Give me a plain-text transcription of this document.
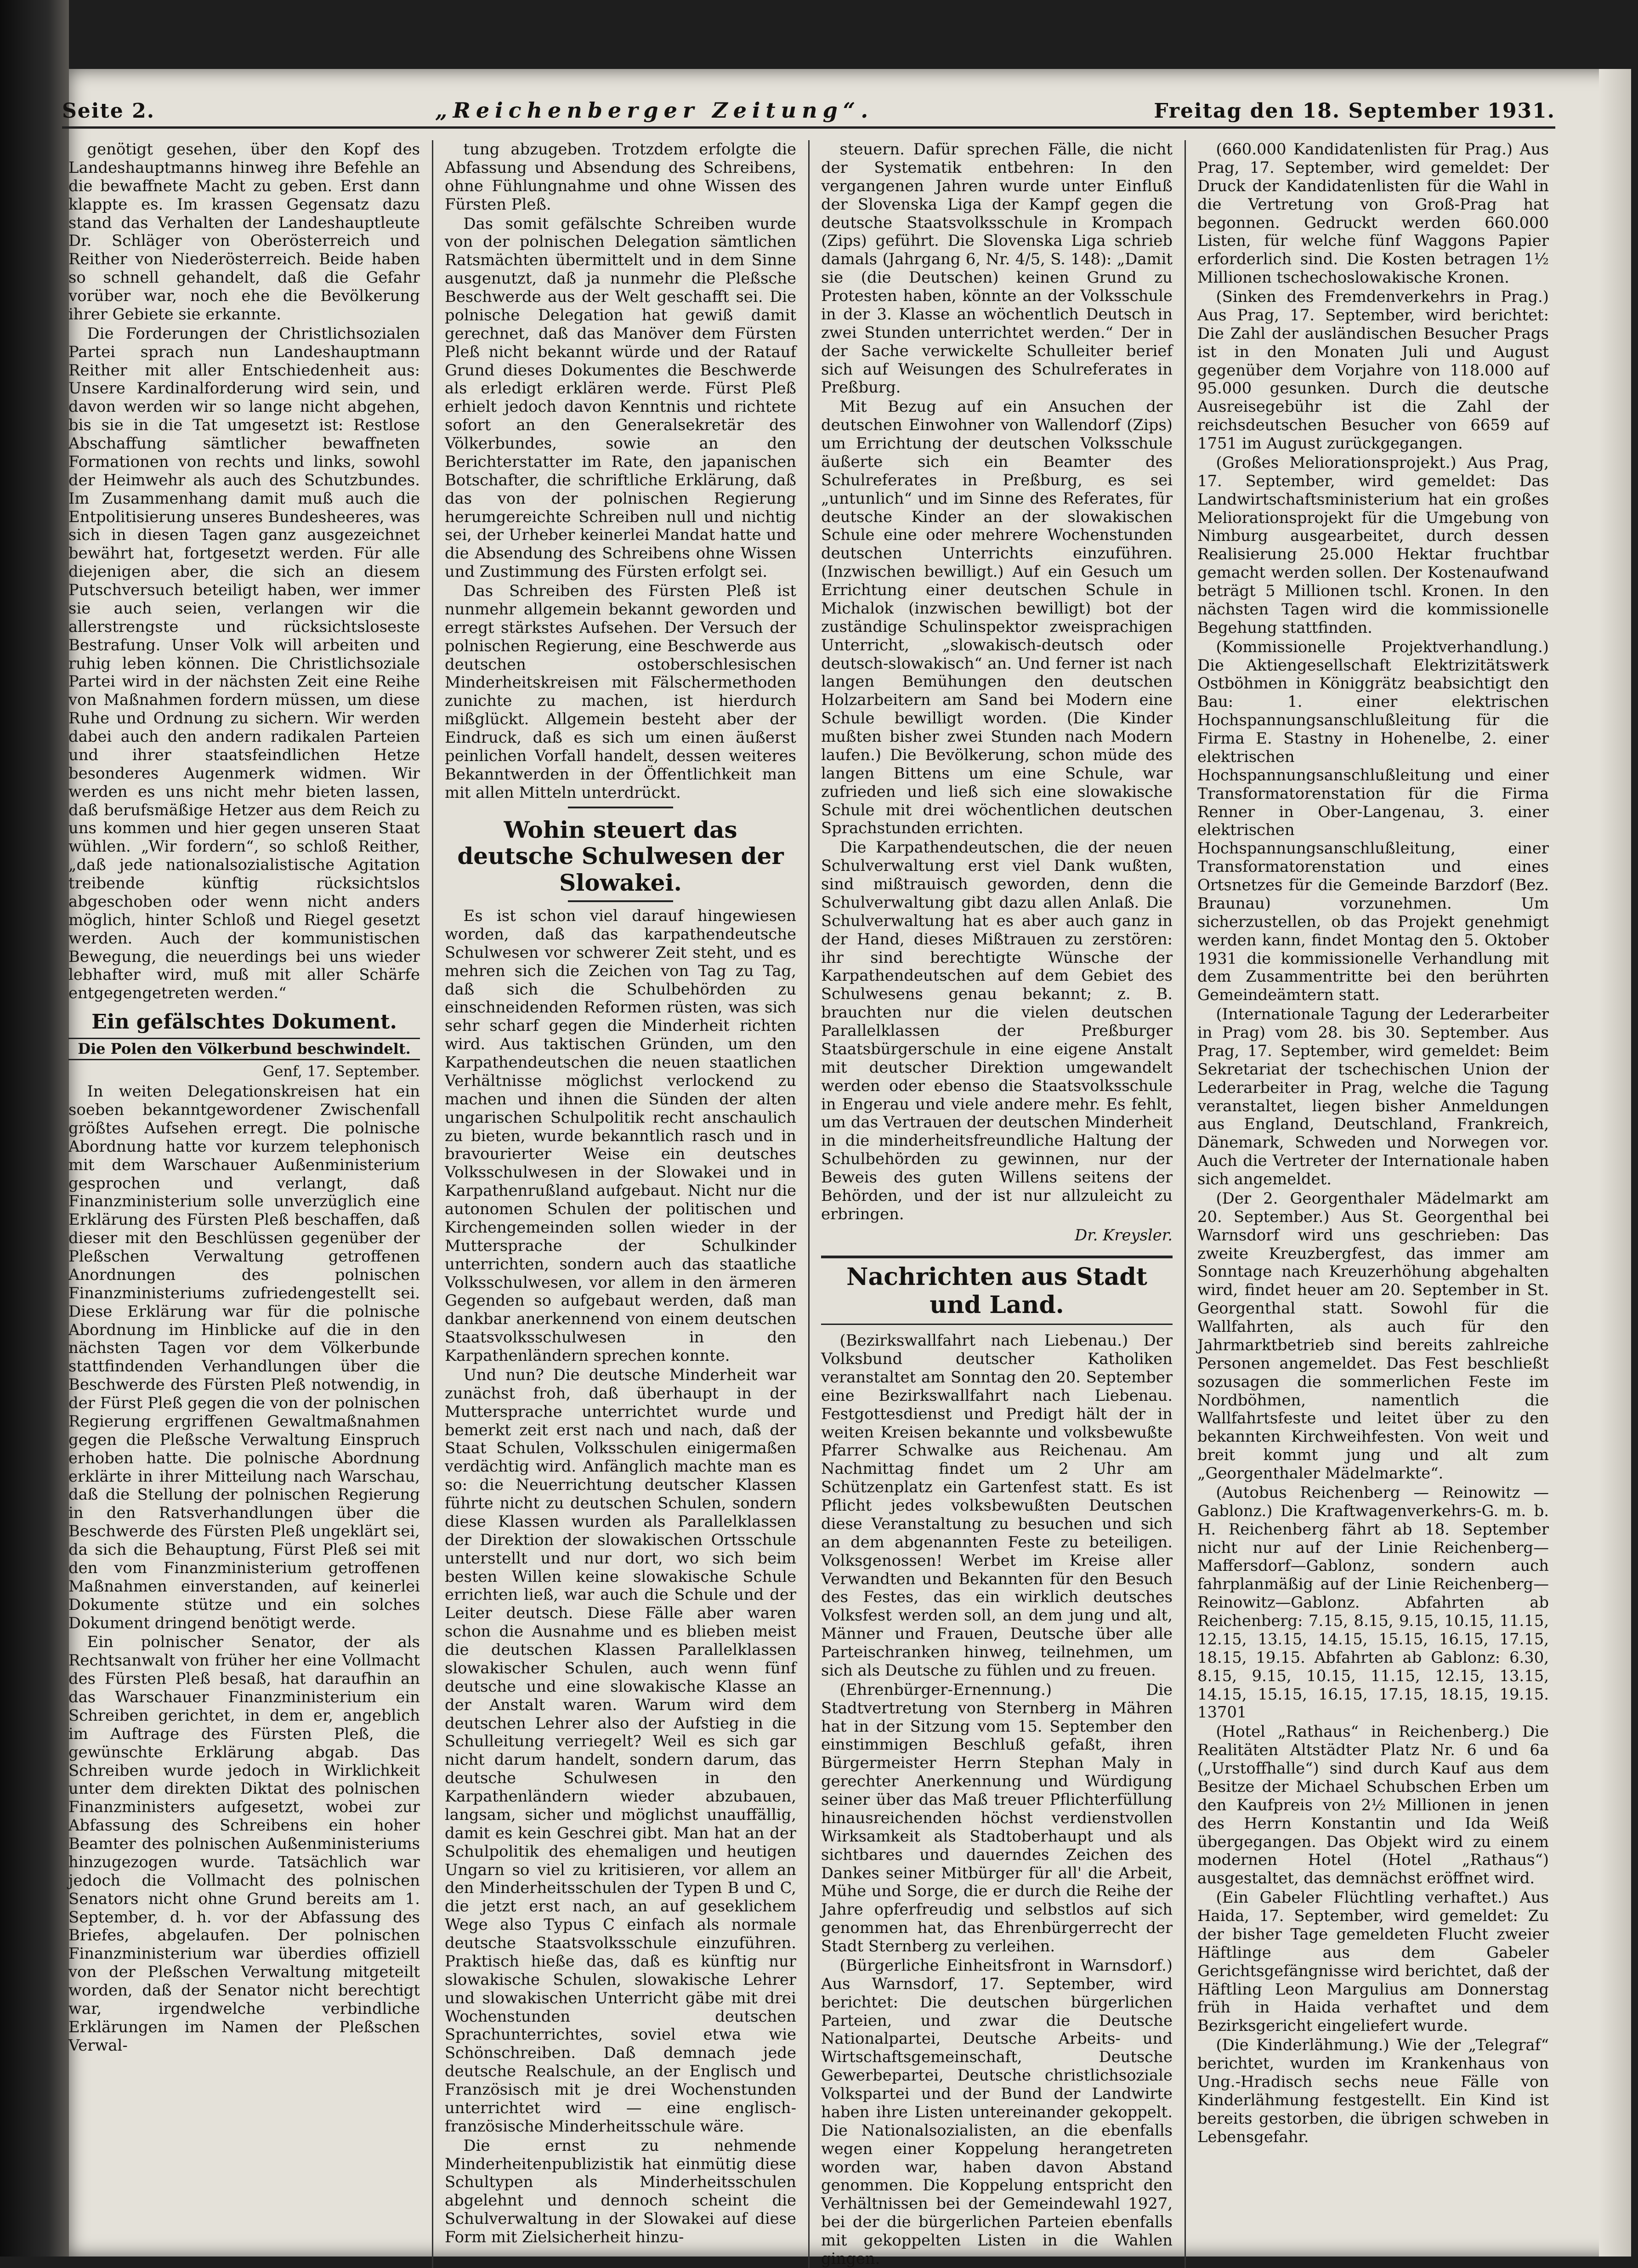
Seite 2.	„Reichenberger Zeitung“.	Freitag den 18. September 1931.

genötigt gesehen, über den Kopf des Landeshauptmanns hinweg ihre Befehle an die bewaffnete Macht zu geben. Erst dann klappte es. Im krassen Gegensatz dazu stand das Verhalten der Landeshauptleute Dr. Schläger von Oberösterreich und Reither von Niederösterreich. Beide haben so schnell gehandelt, daß die Gefahr vorüber war, noch ehe die Bevölkerung ihrer Gebiete sie erkannte.

Die Forderungen der Christlichsozialen Partei sprach nun Landeshauptmann Reither mit aller Entschiedenheit aus: Unsere Kardinalforderung wird sein, und davon werden wir so lange nicht abgehen, bis sie in die Tat umgesetzt ist: Restlose Abschaffung sämtlicher bewaffneten Formationen von rechts und links, sowohl der Heimwehr als auch des Schutzbundes. Im Zusammenhang damit muß auch die Entpolitisierung unseres Bundesheeres, was sich in diesen Tagen ganz ausgezeichnet bewährt hat, fortgesetzt werden. Für alle diejenigen aber, die sich an diesem Putschversuch beteiligt haben, wer immer sie auch seien, verlangen wir die allerstrengste und rücksichtsloseste Bestrafung. Unser Volk will arbeiten und ruhig leben können. Die Christlichsoziale Partei wird in der nächsten Zeit eine Reihe von Maßnahmen fordern müssen, um diese Ruhe und Ordnung zu sichern. Wir werden dabei auch den andern radikalen Parteien und ihrer staatsfeindlichen Hetze besonderes Augenmerk widmen. Wir werden es uns nicht mehr bieten lassen, daß berufsmäßige Hetzer aus dem Reich zu uns kommen und hier gegen unseren Staat wühlen. „Wir fordern“, so schloß Reither, „daß jede nationalsozialistische Agitation treibende künftig rücksichtslos abgeschoben oder wenn nicht anders möglich, hinter Schloß und Riegel gesetzt werden. Auch der kommunistischen Bewegung, die neuerdings bei uns wieder lebhafter wird, muß mit aller Schärfe entgegengetreten werden.“

Ein gefälschtes Dokument.
Die Polen den Völkerbund beschwindelt.
Genf, 17. September.

In weiten Delegationskreisen hat ein soeben bekanntgewordener Zwischenfall größtes Aufsehen erregt. Die polnische Abordnung hatte vor kurzem telephonisch mit dem Warschauer Außenministerium gesprochen und verlangt, daß Finanzministerium solle unverzüglich eine Erklärung des Fürsten Pleß beschaffen, daß dieser mit den Beschlüssen gegenüber der Pleßschen Verwaltung getroffenen Anordnungen des polnischen Finanzministeriums zufriedengestellt sei. Diese Erklärung war für die polnische Abordnung im Hinblicke auf die in den nächsten Tagen vor dem Völkerbunde stattfindenden Verhandlungen über die Beschwerde des Fürsten Pleß notwendig, in der Fürst Pleß gegen die von der polnischen Regierung ergriffenen Gewaltmaßnahmen gegen die Pleßsche Verwaltung Einspruch erhoben hatte. Die polnische Abordnung erklärte in ihrer Mitteilung nach Warschau, daß die Stellung der polnischen Regierung in den Ratsverhandlungen über die Beschwerde des Fürsten Pleß ungeklärt sei, da sich die Behauptung, Fürst Pleß sei mit den vom Finanzministerium getroffenen Maßnahmen einverstanden, auf keinerlei Dokumente stütze und ein solches Dokument dringend benötigt werde.

Ein polnischer Senator, der als Rechtsanwalt von früher her eine Vollmacht des Fürsten Pleß besaß, hat daraufhin an das Warschauer Finanzministerium ein Schreiben gerichtet, in dem er, angeblich im Auftrage des Fürsten Pleß, die gewünschte Erklärung abgab. Das Schreiben wurde jedoch in Wirklichkeit unter dem direkten Diktat des polnischen Finanzministers aufgesetzt, wobei zur Abfassung des Schreibens ein hoher Beamter des polnischen Außenministeriums hinzugezogen wurde. Tatsächlich war jedoch die Vollmacht des polnischen Senators nicht ohne Grund bereits am 1. September, d. h. vor der Abfassung des Briefes, abgelaufen. Der polnischen Finanzministerium war überdies offiziell von der Pleßschen Verwaltung mitgeteilt worden, daß der Senator nicht berechtigt war, irgendwelche verbindliche Erklärungen im Namen der Pleßschen Verwal-

tung abzugeben. Trotzdem erfolgte die Abfassung und Absendung des Schreibens, ohne Fühlungnahme und ohne Wissen des Fürsten Pleß.

Das somit gefälschte Schreiben wurde von der polnischen Delegation sämtlichen Ratsmächten übermittelt und in dem Sinne ausgenutzt, daß ja nunmehr die Pleßsche Beschwerde aus der Welt geschafft sei. Die polnische Delegation hat gewiß damit gerechnet, daß das Manöver dem Fürsten Pleß nicht bekannt würde und der Ratauf Grund dieses Dokumentes die Beschwerde als erledigt erklären werde. Fürst Pleß erhielt jedoch davon Kenntnis und richtete sofort an den Generalsekretär des Völkerbundes, sowie an den Berichterstatter im Rate, den japanischen Botschafter, die schriftliche Erklärung, daß das von der polnischen Regierung herumgereichte Schreiben null und nichtig sei, der Urheber keinerlei Mandat hatte und die Absendung des Schreibens ohne Wissen und Zustimmung des Fürsten erfolgt sei.

Das Schreiben des Fürsten Pleß ist nunmehr allgemein bekannt geworden und erregt stärkstes Aufsehen. Der Versuch der polnischen Regierung, eine Beschwerde aus deutschen ostoberschlesischen Minderheitskreisen mit Fälschermethoden zunichte zu machen, ist hierdurch mißglückt. Allgemein besteht aber der Eindruck, daß es sich um einen äußerst peinlichen Vorfall handelt, dessen weiteres Bekanntwerden in der Öffentlichkeit man mit allen Mitteln unterdrückt.

Wohin steuert das deutsche Schulwesen der Slowakei.

Es ist schon viel darauf hingewiesen worden, daß das karpathendeutsche Schulwesen vor schwerer Zeit steht, und es mehren sich die Zeichen von Tag zu Tag, daß sich die Schulbehörden zu einschneidenden Reformen rüsten, was sich sehr scharf gegen die Minderheit richten wird. Aus taktischen Gründen, um den Karpathendeutschen die neuen staatlichen Verhältnisse möglichst verlockend zu machen und ihnen die Sünden der alten ungarischen Schulpolitik recht anschaulich zu bieten, wurde bekanntlich rasch und in bravourierter Weise ein deutsches Volksschulwesen in der Slowakei und in Karpathenrußland aufgebaut. Nicht nur die autonomen Schulen der politischen und Kirchengemeinden sollen wieder in der Muttersprache der Schulkinder unterrichten, sondern auch das staatliche Volksschulwesen, vor allem in den ärmeren Gegenden so aufgebaut werden, daß man dankbar anerkennend von einem deutschen Staatsvolksschulwesen in den Karpathenländern sprechen konnte.

Und nun? Die deutsche Minderheit war zunächst froh, daß überhaupt in der Muttersprache unterrichtet wurde und bemerkt zeit erst nach und nach, daß der Staat Schulen, Volksschulen einigermaßen verdächtig wird. Anfänglich machte man es so: die Neuerrichtung deutscher Klassen führte nicht zu deutschen Schulen, sondern diese Klassen wurden als Parallelklassen der Direktion der slowakischen Ortsschule unterstellt und nur dort, wo sich beim besten Willen keine slowakische Schule errichten ließ, war auch die Schule und der Leiter deutsch. Diese Fälle aber waren schon die Ausnahme und es blieben meist die deutschen Klassen Parallelklassen slowakischer Schulen, auch wenn fünf deutsche und eine slowakische Klasse an der Anstalt waren. Warum wird dem deutschen Lehrer also der Aufstieg in die Schulleitung verriegelt? Weil es sich gar nicht darum handelt, sondern darum, das deutsche Schulwesen in den Karpathenländern wieder abzubauen, langsam, sicher und möglichst unauffällig, damit es kein Geschrei gibt. Man hat an der Schulpolitik des ehemaligen und heutigen Ungarn so viel zu kritisieren, vor allem an den Minderheitsschulen der Typen B und C, die jetzt erst nach, an auf geseklichem Wege also Typus C einfach als normale deutsche Staatsvolksschule einzuführen. Praktisch hieße das, daß es künftig nur slowakische Schulen, slowakische Lehrer und slowakischen Unterricht gäbe mit drei Wochenstunden deutschen Sprachunterrichtes, soviel etwa wie Schönschreiben. Daß demnach jede deutsche Realschule, an der Englisch und Französisch mit je drei Wochenstunden unterrichtet wird — eine englisch-französische Minderheitsschule wäre.

Die ernst zu nehmende Minderheitenpublizistik hat einmütig diese Schultypen als Minderheitsschulen abgelehnt und dennoch scheint die Schulverwaltung in der Slowakei auf diese Form mit Zielsicherheit hinzu-

steuern. Dafür sprechen Fälle, die nicht der Systematik entbehren: In den vergangenen Jahren wurde unter Einfluß der Slovenska Liga der Kampf gegen die deutsche Staatsvolksschule in Krompach (Zips) geführt. Die Slovenska Liga schrieb damals (Jahrgang 6, Nr. 4/5, S. 148): „Damit sie (die Deutschen) keinen Grund zu Protesten haben, könnte an der Volksschule in der 3. Klasse an wöchentlich Deutsch in zwei Stunden unterrichtet werden.“ Der in der Sache verwickelte Schulleiter berief sich auf Weisungen des Schulreferates in Preßburg.

Mit Bezug auf ein Ansuchen der deutschen Einwohner von Wallendorf (Zips) um Errichtung der deutschen Volksschule äußerte sich ein Beamter des Schulreferates in Preßburg, es sei „untunlich“ und im Sinne des Referates, für deutsche Kinder an der slowakischen Schule eine oder mehrere Wochenstunden deutschen Unterrichts einzuführen. (Inzwischen bewilligt.) Auf ein Gesuch um Errichtung einer deutschen Schule in Michalok (inzwischen bewilligt) bot der zuständige Schulinspektor zweisprachigen Unterricht, „slowakisch-deutsch oder deutsch-slowakisch“ an. Und ferner ist nach langen Bemühungen den deutschen Holzarbeitern am Sand bei Modern eine Schule bewilligt worden. (Die Kinder mußten bisher zwei Stunden nach Modern laufen.) Die Bevölkerung, schon müde des langen Bittens um eine Schule, war zufrieden und ließ sich eine slowakische Schule mit drei wöchentlichen deutschen Sprachstunden errichten.

Die Karpathendeutschen, die der neuen Schulverwaltung erst viel Dank wußten, sind mißtrauisch geworden, denn die Schulverwaltung gibt dazu allen Anlaß. Die Schulverwaltung hat es aber auch ganz in der Hand, dieses Mißtrauen zu zerstören: ihr sind berechtigte Wünsche der Karpathendeutschen auf dem Gebiet des Schulwesens genau bekannt; z. B. brauchten nur die vielen deutschen Parallelklassen der Preßburger Staatsbürgerschule in eine eigene Anstalt mit deutscher Direktion umgewandelt werden oder ebenso die Staatsvolksschule in Engerau und viele andere mehr. Es fehlt, um das Vertrauen der deutschen Minderheit in die minderheitsfreundliche Haltung der Schulbehörden zu gewinnen, nur der Beweis des guten Willens seitens der Behörden, und der ist nur allzuleicht zu erbringen.

Dr. Kreysler.
Nachrichten aus Stadt und Land.

(Bezirkswallfahrt nach Liebenau.) Der Volksbund deutscher Katholiken veranstaltet am Sonntag den 20. September eine Bezirkswallfahrt nach Liebenau. Festgottesdienst und Predigt hält der in weiten Kreisen bekannte und volksbewußte Pfarrer Schwalke aus Reichenau. Am Nachmittag findet um 2 Uhr am Schützenplatz ein Gartenfest statt. Es ist Pflicht jedes volksbewußten Deutschen diese Veranstaltung zu besuchen und sich an dem abgenannten Feste zu beteiligen. Volksgenossen! Werbet im Kreise aller Verwandten und Bekannten für den Besuch des Festes, das ein wirklich deutsches Volksfest werden soll, an dem jung und alt, Männer und Frauen, Deutsche über alle Parteischranken hinweg, teilnehmen, um sich als Deutsche zu fühlen und zu freuen.

(Ehrenbürger-Ernennung.) Die Stadtvertretung von Sternberg in Mähren hat in der Sitzung vom 15. September den einstimmigen Beschluß gefaßt, ihren Bürgermeister Herrn Stephan Maly in gerechter Anerkennung und Würdigung seiner über das Maß treuer Pflichterfüllung hinausreichenden höchst verdienstvollen Wirksamkeit als Stadtoberhaupt und als sichtbares und dauerndes Zeichen des Dankes seiner Mitbürger für all' die Arbeit, Mühe und Sorge, die er durch die Reihe der Jahre opferfreudig und selbstlos auf sich genommen hat, das Ehrenbürgerrecht der Stadt Sternberg zu verleihen.

(Bürgerliche Einheitsfront in Warnsdorf.) Aus Warnsdorf, 17. September, wird berichtet: Die deutschen bürgerlichen Parteien, und zwar die Deutsche Nationalpartei, Deutsche Arbeits- und Wirtschaftsgemeinschaft, Deutsche Gewerbepartei, Deutsche christlichsoziale Volkspartei und der Bund der Landwirte haben ihre Listen untereinander gekoppelt. Die Nationalsozialisten, an die ebenfalls wegen einer Koppelung herangetreten worden war, haben davon Abstand genommen. Die Koppelung entspricht den Verhältnissen bei der Gemeindewahl 1927, bei der die bürgerlichen Parteien ebenfalls mit gekoppelten Listen in die Wahlen gingen.

(660.000 Kandidatenlisten für Prag.) Aus Prag, 17. September, wird gemeldet: Der Druck der Kandidatenlisten für die Wahl in die Vertretung von Groß-Prag hat begonnen. Gedruckt werden 660.000 Listen, für welche fünf Waggons Papier erforderlich sind. Die Kosten betragen 1½ Millionen tschechoslowakische Kronen.

(Sinken des Fremdenverkehrs in Prag.) Aus Prag, 17. September, wird berichtet: Die Zahl der ausländischen Besucher Prags ist in den Monaten Juli und August gegenüber dem Vorjahre von 118.000 auf 95.000 gesunken. Durch die deutsche Ausreisegebühr ist die Zahl der reichsdeutschen Besucher von 6659 auf 1751 im August zurückgegangen.

(Großes Meliorationsprojekt.) Aus Prag, 17. September, wird gemeldet: Das Landwirtschaftsministerium hat ein großes Meliorationsprojekt für die Umgebung von Nimburg ausgearbeitet, durch dessen Realisierung 25.000 Hektar fruchtbar gemacht werden sollen. Der Kostenaufwand beträgt 5 Millionen tschl. Kronen. In den nächsten Tagen wird die kommissionelle Begehung stattfinden.

(Kommissionelle Projektverhandlung.) Die Aktiengesellschaft Elektrizitätswerk Ostböhmen in Königgrätz beabsichtigt den Bau: 1. einer elektrischen Hochspannungsanschlußleitung für die Firma E. Stastny in Hohenelbe, 2. einer elektrischen Hochspannungsanschlußleitung und einer Transformatorenstation für die Firma Renner in Ober-Langenau, 3. einer elektrischen Hochspannungsanschlußleitung, einer Transformatorenstation und eines Ortsnetzes für die Gemeinde Barzdorf (Bez. Braunau) vorzunehmen. Um sicherzustellen, ob das Projekt genehmigt werden kann, findet Montag den 5. Oktober 1931 die kommissionelle Verhandlung mit dem Zusammentritte bei den berührten Gemeindeämtern statt.

(Internationale Tagung der Lederarbeiter in Prag) vom 28. bis 30. September. Aus Prag, 17. September, wird gemeldet: Beim Sekretariat der tschechischen Union der Lederarbeiter in Prag, welche die Tagung veranstaltet, liegen bisher Anmeldungen aus England, Deutschland, Frankreich, Dänemark, Schweden und Norwegen vor. Auch die Vertreter der Internationale haben sich angemeldet.

(Der 2. Georgenthaler Mädelmarkt am 20. September.) Aus St. Georgenthal bei Warnsdorf wird uns geschrieben: Das zweite Kreuzbergfest, das immer am Sonntage nach Kreuzerhöhung abgehalten wird, findet heuer am 20. September in St. Georgenthal statt. Sowohl für die Wallfahrten, als auch für den Jahrmarktbetrieb sind bereits zahlreiche Personen angemeldet. Das Fest beschließt sozusagen die sommerlichen Feste im Nordböhmen, namentlich die Wallfahrtsfeste und leitet über zu den bekannten Kirchweihfesten. Von weit und breit kommt jung und alt zum „Georgenthaler Mädelmarkte“.

(Autobus Reichenberg — Reinowitz — Gablonz.) Die Kraftwagenverkehrs-G. m. b. H. Reichenberg fährt ab 18. September nicht nur auf der Linie Reichenberg—Maffersdorf—Gablonz, sondern auch fahrplanmäßig auf der Linie Reichenberg—Reinowitz—Gablonz. Abfahrten ab Reichenberg: 7.15, 8.15, 9.15, 10.15, 11.15, 12.15, 13.15, 14.15, 15.15, 16.15, 17.15, 18.15, 19.15. Abfahrten ab Gablonz: 6.30, 8.15, 9.15, 10.15, 11.15, 12.15, 13.15, 14.15, 15.15, 16.15, 17.15, 18.15, 19.15. 13701

(Hotel „Rathaus“ in Reichenberg.) Die Realitäten Altstädter Platz Nr. 6 und 6a („Urstoffhalle“) sind durch Kauf aus dem Besitze der Michael Schubschen Erben um den Kaufpreis von 2½ Millionen in jenen des Herrn Konstantin und Ida Weiß übergegangen. Das Objekt wird zu einem modernen Hotel (Hotel „Rathaus“) ausgestaltet, das demnächst eröffnet wird.

(Ein Gabeler Flüchtling verhaftet.) Aus Haida, 17. September, wird gemeldet: Zu der bisher Tage gemeldeten Flucht zweier Häftlinge aus dem Gabeler Gerichtsgefängnisse wird berichtet, daß der Häftling Leon Margulius am Donnerstag früh in Haida verhaftet und dem Bezirksgericht eingeliefert wurde.

(Die Kinderlähmung.) Wie der „Telegraf“ berichtet, wurden im Krankenhaus von Ung.-Hradisch sechs neue Fälle von Kinderlähmung festgestellt. Ein Kind ist bereits gestorben, die übrigen schweben in Lebensgefahr.
